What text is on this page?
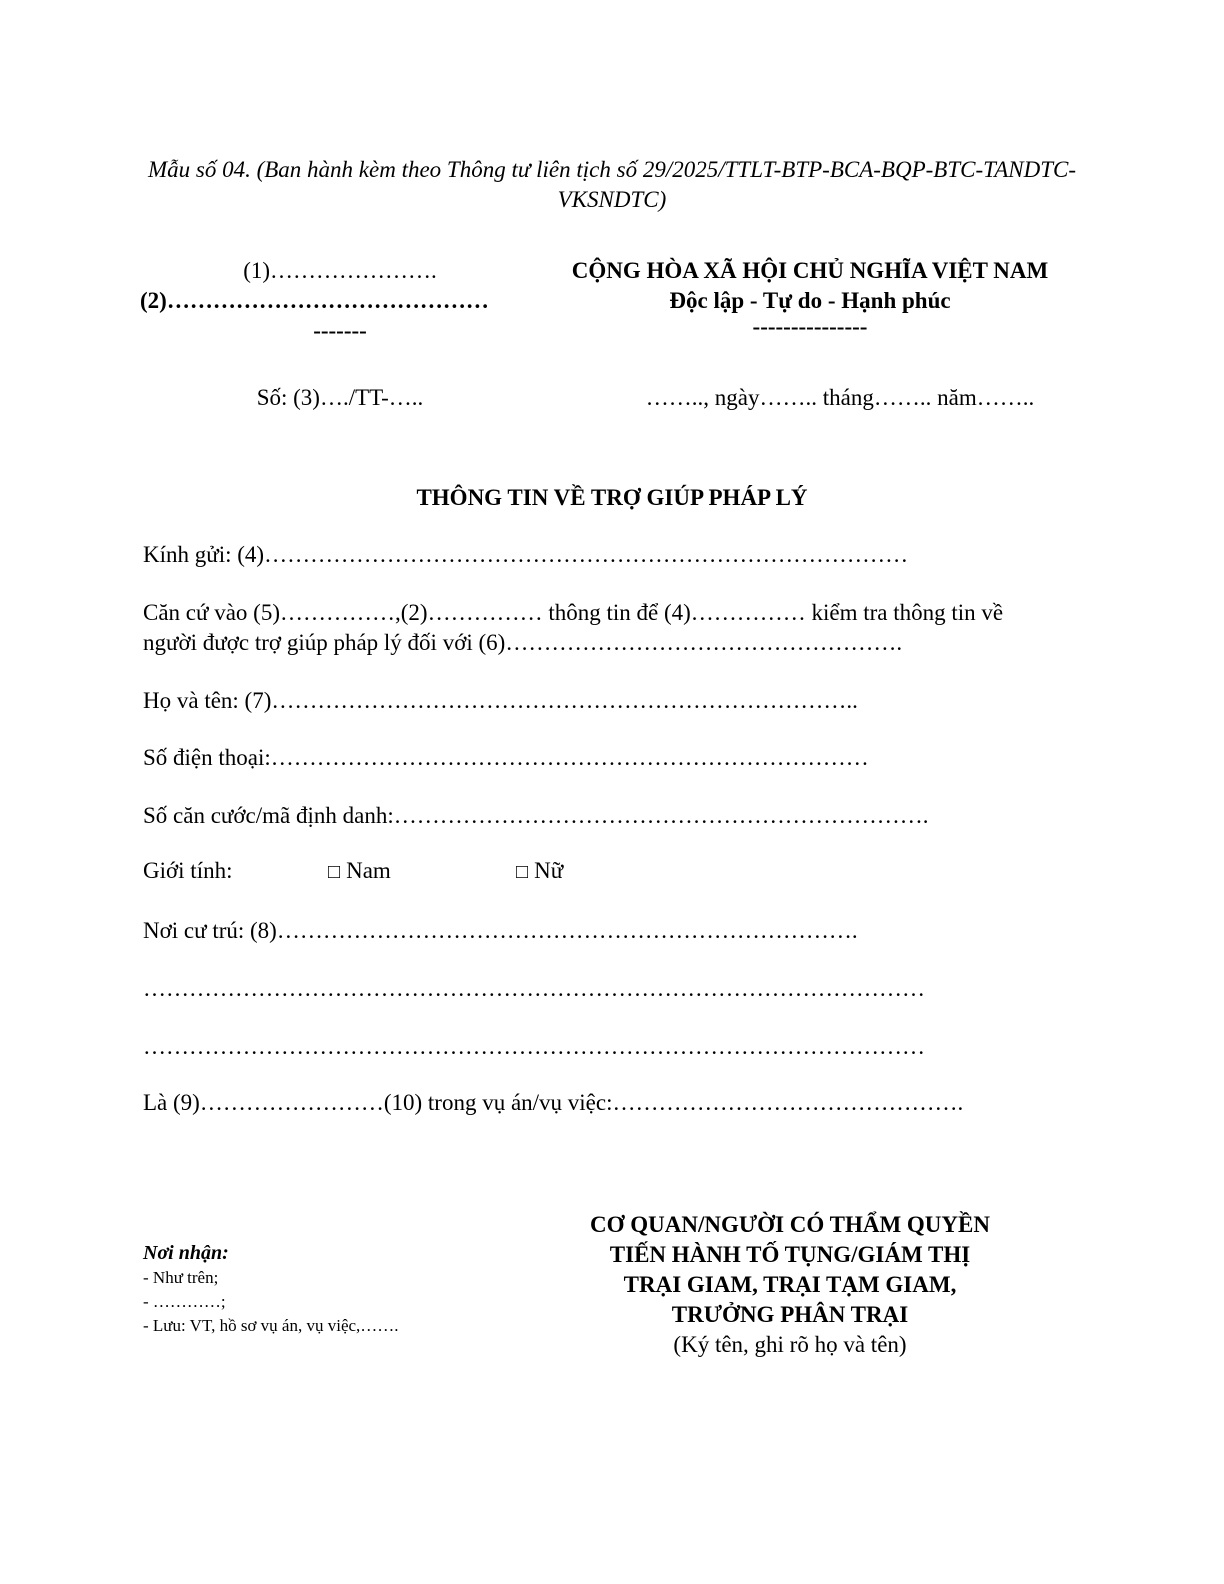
Mẫu số 04. (Ban hành kèm theo Thông tư liên tịch số 29/2025/TTLT-BTP-BCA-BQP-BTC-TANDTC-VKSNDTC)
(1)………………….
(2)……………………………………
-------
CỘNG HÒA XÃ HỘI CHỦ NGHĨA VIỆT NAM
Độc lập - Tự do - Hạnh phúc
---------------
Số: (3)…./TT-…..	…….., ngày…….. tháng…….. năm……..
THÔNG TIN VỀ TRỢ GIÚP PHÁP LÝ
Kính gửi: (4)…………………………………………………………………………
Căn cứ vào (5)……………,(2)…………… thông tin để (4)…………… kiểm tra thông tin về người được trợ giúp pháp lý đối với (6)…………………………………………….
Họ và tên: (7)…………………………………………………………………..
Số điện thoại:……………………………………………………………………
Số căn cước/mã định danh:…………………………………………………………….
Giới tính:	□ Nam	□ Nữ
Nơi cư trú: (8)………………………………………………………………….
…………………………………………………………………………………………
…………………………………………………………………………………………
Là (9)……………………(10) trong vụ án/vụ việc:……………………………………….
Nơi nhận:
- Như trên;
- …………;
- Lưu: VT, hồ sơ vụ án, vụ việc,…….
CƠ QUAN/NGƯỜI CÓ THẨM QUYỀN TIẾN HÀNH TỐ TỤNG/GIÁM THỊ TRẠI GIAM, TRẠI TẠM GIAM, TRƯỞNG PHÂN TRẠI
(Ký tên, ghi rõ họ và tên)
